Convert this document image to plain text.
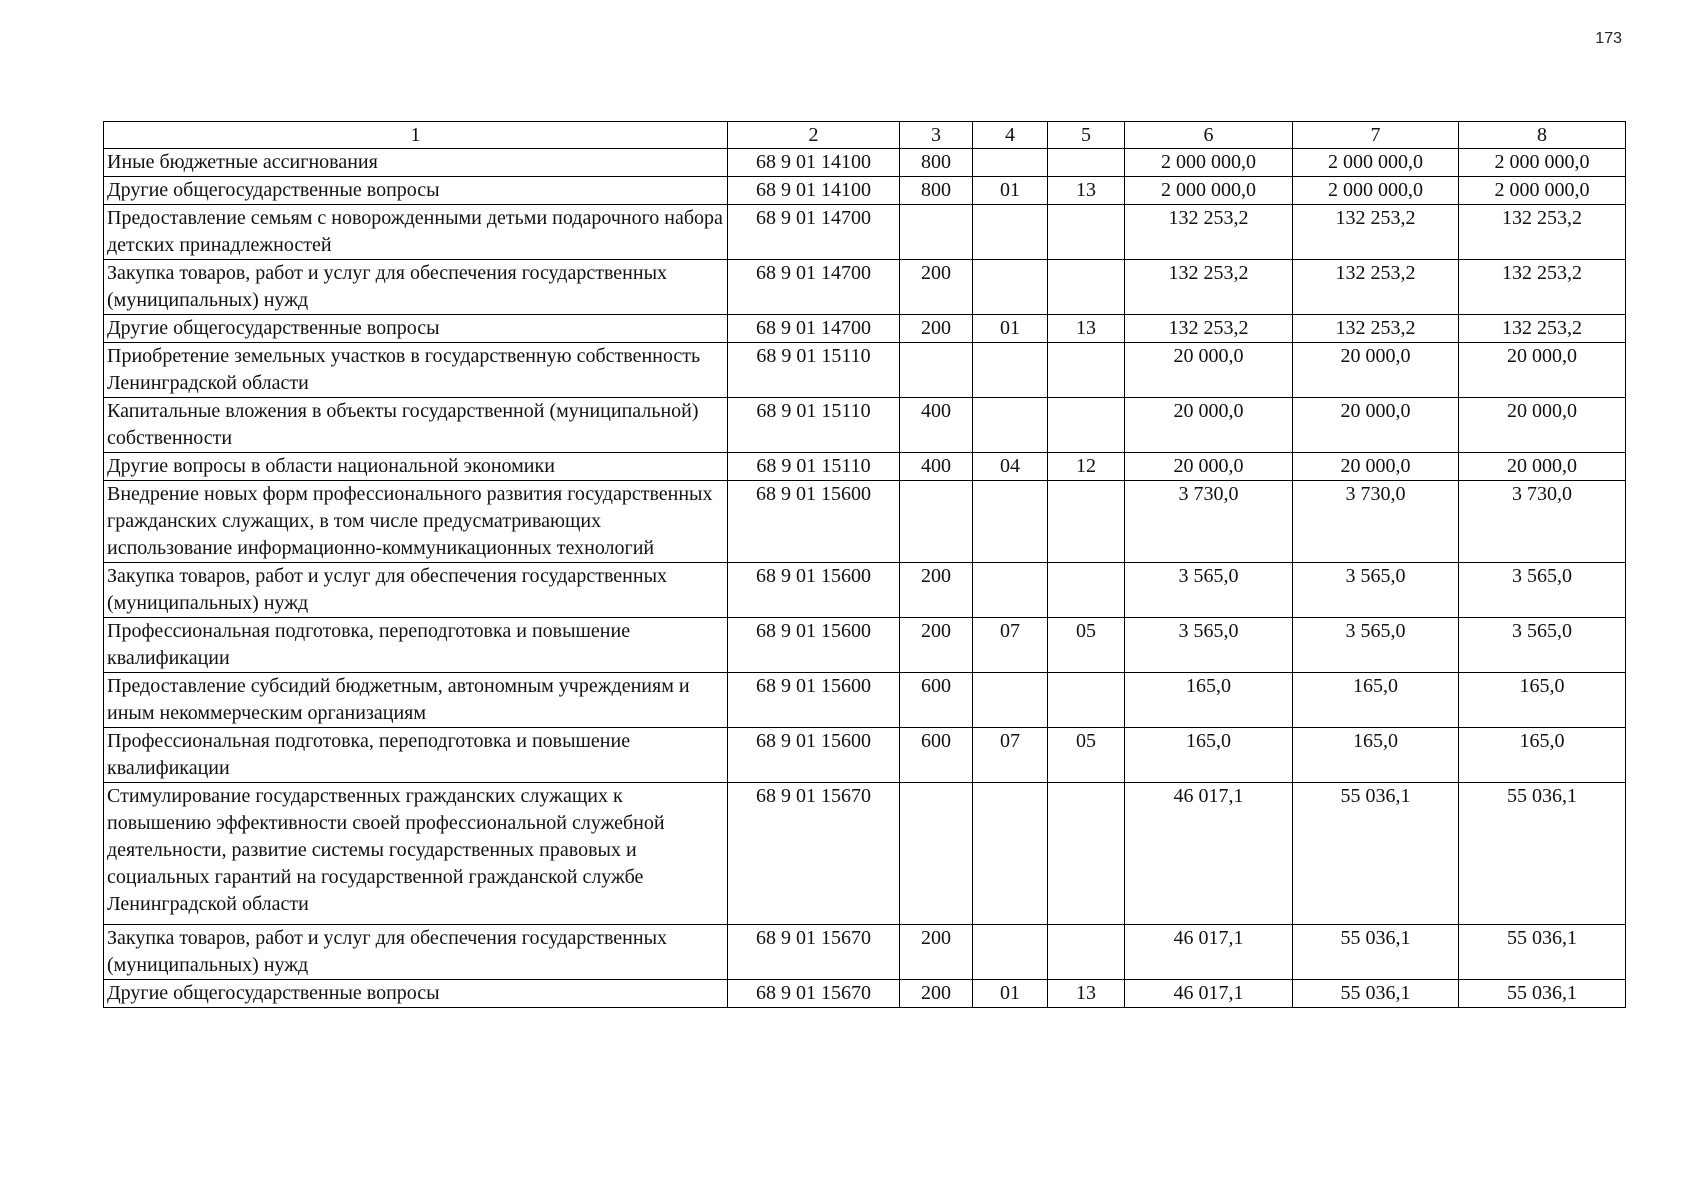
173
1	2	3	4	5	6	7	8
Иные бюджетные ассигнования	68 9 01 14100	800			2 000 000,0	2 000 000,0	2 000 000,0
Другие общегосударственные вопросы	68 9 01 14100	800	01	13	2 000 000,0	2 000 000,0	2 000 000,0
Предоставление семьям с новорожденными детьми подарочного набора детских принадлежностей	68 9 01 14700				132 253,2	132 253,2	132 253,2
Закупка товаров, работ и услуг для обеспечения государственных (муниципальных) нужд	68 9 01 14700	200			132 253,2	132 253,2	132 253,2
Другие общегосударственные вопросы	68 9 01 14700	200	01	13	132 253,2	132 253,2	132 253,2
Приобретение земельных участков в государственную собственность Ленинградской области	68 9 01 15110				20 000,0	20 000,0	20 000,0
Капитальные вложения в объекты государственной (муниципальной) собственности	68 9 01 15110	400			20 000,0	20 000,0	20 000,0
Другие вопросы в области национальной экономики	68 9 01 15110	400	04	12	20 000,0	20 000,0	20 000,0
Внедрение новых форм профессионального развития государственных гражданских служащих, в том числе предусматривающих использование информационно-коммуникационных технологий	68 9 01 15600				3 730,0	3 730,0	3 730,0
Закупка товаров, работ и услуг для обеспечения государственных (муниципальных) нужд	68 9 01 15600	200			3 565,0	3 565,0	3 565,0
Профессиональная подготовка, переподготовка и повышение квалификации	68 9 01 15600	200	07	05	3 565,0	3 565,0	3 565,0
Предоставление субсидий бюджетным, автономным учреждениям и иным некоммерческим организациям	68 9 01 15600	600			165,0	165,0	165,0
Профессиональная подготовка, переподготовка и повышение квалификации	68 9 01 15600	600	07	05	165,0	165,0	165,0
Стимулирование государственных гражданских служащих к повышению эффективности своей профессиональной служебной деятельности, развитие системы государственных правовых и социальных гарантий на государственной гражданской службе Ленинградской области	68 9 01 15670				46 017,1	55 036,1	55 036,1
Закупка товаров, работ и услуг для обеспечения государственных (муниципальных) нужд	68 9 01 15670	200			46 017,1	55 036,1	55 036,1
Другие общегосударственные вопросы	68 9 01 15670	200	01	13	46 017,1	55 036,1	55 036,1
